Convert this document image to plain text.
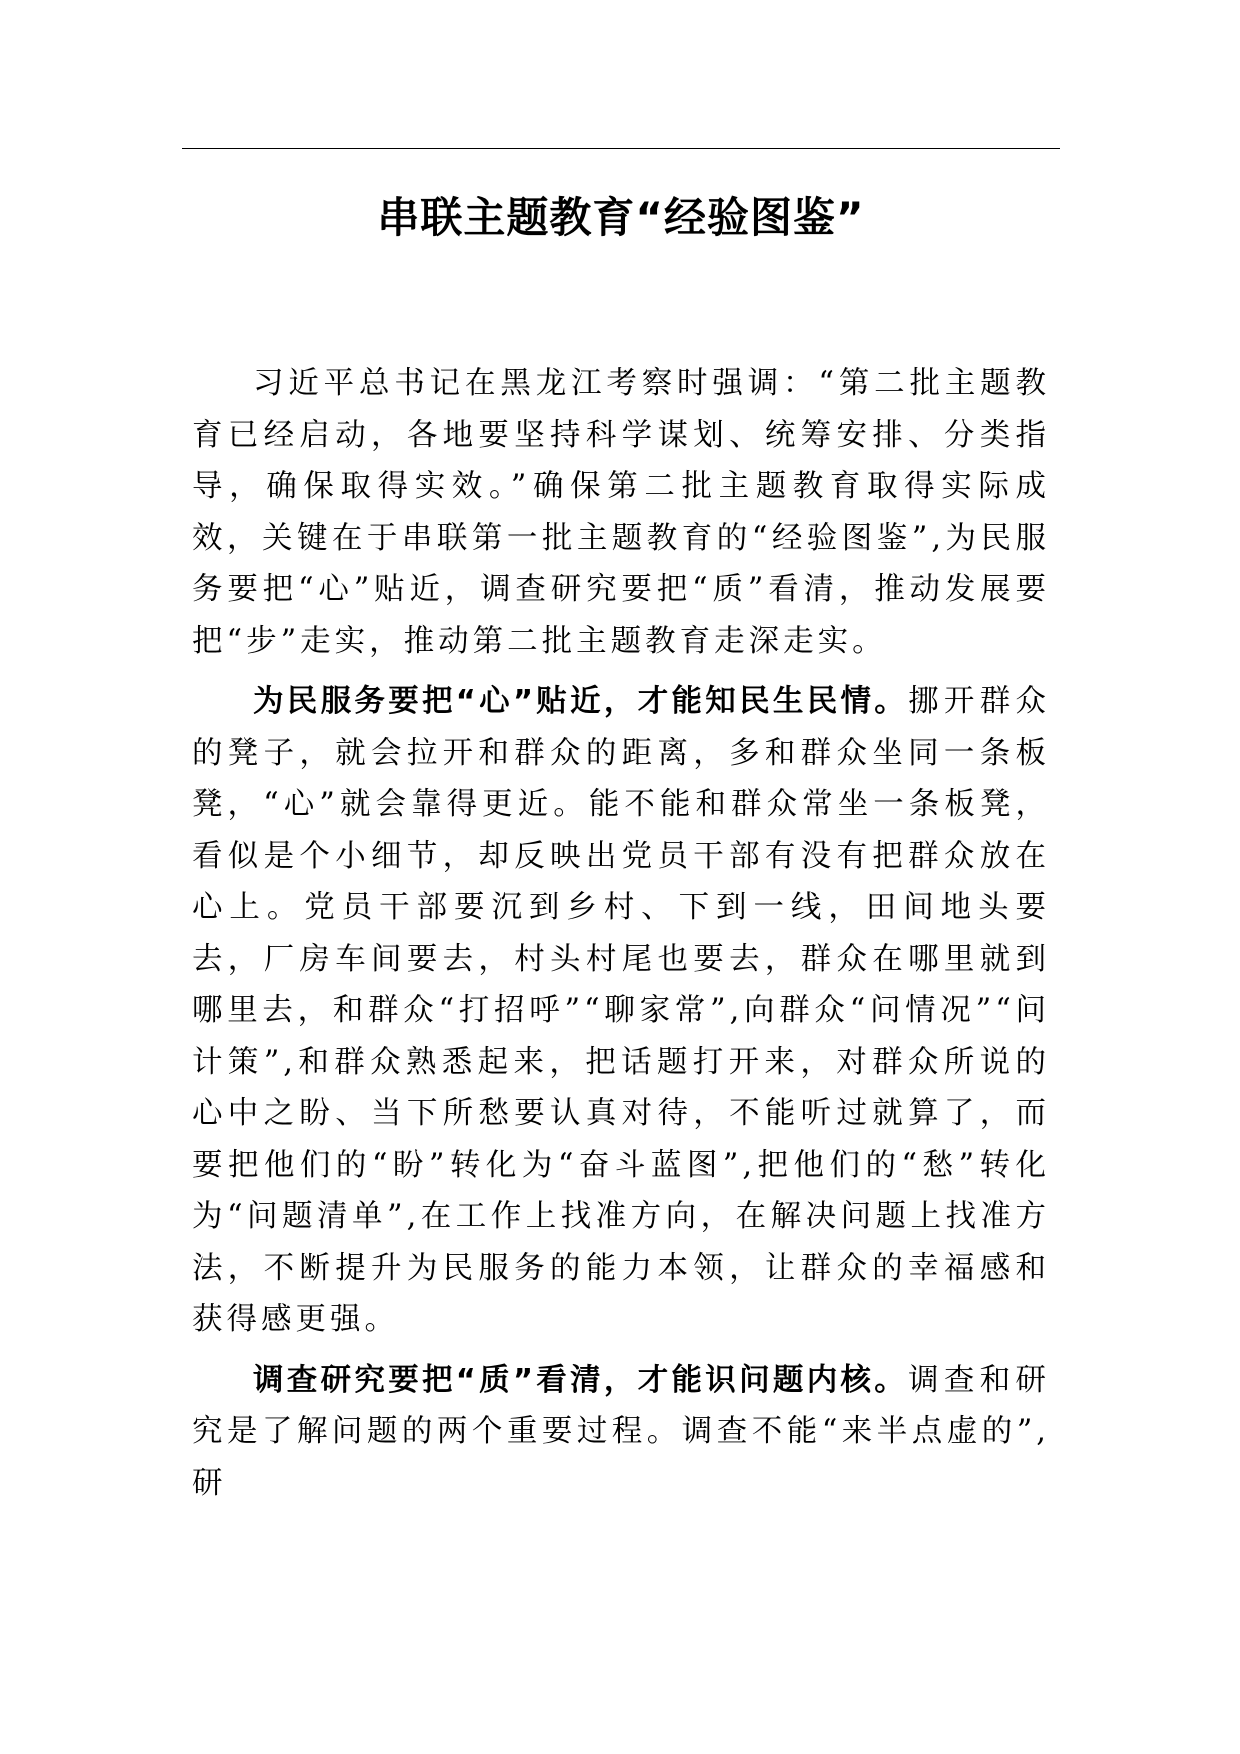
串联主题教育“经验图鉴”

习近平总书记在黑龙江考察时强调：“第二批主题教育已经启动，各地要坚持科学谋划、统筹安排、分类指导，确保取得实效。”确保第二批主题教育取得实际成效，关键在于串联第一批主题教育的“经验图鉴”,为民服务要把“心”贴近，调查研究要把“质”看清，推动发展要把“步”走实，推动第二批主题教育走深走实。

为民服务要把“心”贴近，才能知民生民情。挪开群众的凳子，就会拉开和群众的距离，多和群众坐同一条板凳，“心”就会靠得更近。能不能和群众常坐一条板凳，看似是个小细节，却反映出党员干部有没有把群众放在心上。党员干部要沉到乡村、下到一线，田间地头要去，厂房车间要去，村头村尾也要去，群众在哪里就到哪里去，和群众“打招呼”“聊家常”,向群众“问情况”“问计策”,和群众熟悉起来，把话题打开来，对群众所说的心中之盼、当下所愁要认真对待，不能听过就算了，而要把他们的“盼”转化为“奋斗蓝图”,把他们的“愁”转化为“问题清单”,在工作上找准方向，在解决问题上找准方法，不断提升为民服务的能力本领，让群众的幸福感和获得感更强。

调查研究要把“质”看清，才能识问题内核。调查和研究是了解问题的两个重要过程。调查不能“来半点虚的”,研
